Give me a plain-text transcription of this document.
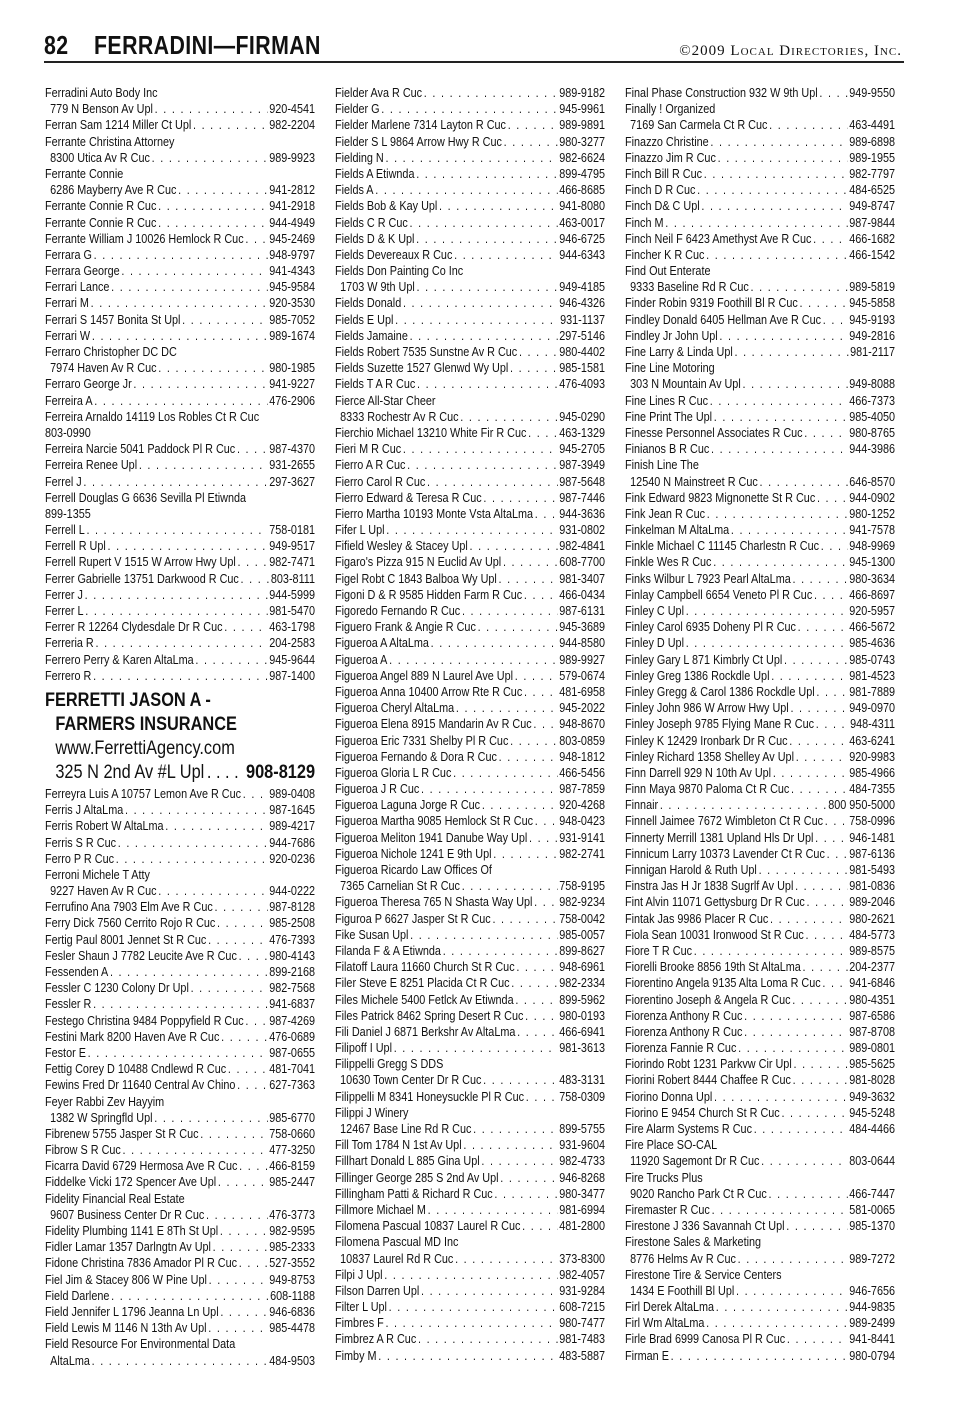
82 FERRADINI—FIRMAN	©2009 Local Directories, Inc.
Ferradini Auto Body Inc
779 N Benson Av Upl . . .	920-4541
Ferran Sam 1214 Miller Ct Upl . . .	982-2204
Ferrante Christina Attorney
8300 Utica Av R Cuc . . .	989-9923
Ferrante Connie
6286 Mayberry Ave R Cuc . . .	941-2812
Ferrante Connie R Cuc . . .	941-2918
Ferrante Connie R Cuc . . .	944-4949
Ferrante William J 10026 Hemlock R Cuc . . . 945-2469
Ferrara G . . .	948-9797
Ferrara George . . .	941-4343
Ferrari Lance . . .	945-9584
Ferrari M . . .	920-3530
Ferrari S 1457 Bonita St Upl . . .	985-7052
Ferrari W . . .	989-1674
Ferraro Christopher DC DC
7974 Haven Av R Cuc . . .	980-1985
Ferraro George Jr . . .	941-9227
Ferreira A . . .	476-2906
Ferreira Arnaldo 14119 Los Robles Ct R Cuc
803-0990
Ferreira Narcie 5041 Paddock Pl R Cuc . . .	987-4370
Ferreira Renee Upl . . .	931-2655
Ferrel J . . .	297-3627
Ferrell Douglas G 6636 Sevilla Pl Etiwnda
899-1355
Ferrell L . . .	758-0181
Ferrell R Upl . . .	949-9517
Ferrell Rupert V 1515 W Arrow Hwy Upl . . .	982-7471
Ferrer Gabrielle 13751 Darkwood R Cuc . . .	803-8111
Ferrer J . . .	944-5999
Ferrer L . . .	981-5470
Ferrer R 12264 Clydesdale Dr R Cuc . . .	463-1798
Ferreria R . . .	204-2583
Ferrero Perry & Karen AltaLma . . .	945-9644
Ferrero R . . .	987-1400
FERRETTI JASON A -
FARMERS INSURANCE
www.FerrettiAgency.com
325 N 2nd Av #L Upl . . . 908-8129
Ferreyra Luis A 10757 Lemon Ave R Cuc . . . 989-0408
Ferris J AltaLma . . .	987-1645
Ferris Robert W AltaLma . . .	989-4217
Ferris S R Cuc . . .	944-7686
Ferro P R Cuc . . .	920-0236
Ferroni Michele T Atty
9227 Haven Av R Cuc . . .	944-0222
Ferrufino Ana 7903 Elm Ave R Cuc . . .	987-8128
Ferry Dick 7560 Cerrito Rojo R Cuc . . .	985-2508
Fertig Paul 8001 Jennet St R Cuc . . .	476-7393
Fesler Shaun J 7782 Leucite Ave R Cuc . . .	980-4143
Fessenden A . . .	899-2168
Fessler C 1230 Colony Dr Upl . . .	982-7568
Fessler R . . .	941-6837
Festego Christina 9484 Poppyfield R Cuc . . . 987-4269
Festini Mark 8200 Haven Ave R Cuc . . .	476-0689
Festor E . . .	987-0655
Fettig Corey D 10488 Cndlewd R Cuc . . .	481-7041
Fewins Fred Dr 11640 Central Av Chino . . .	627-7363
Feyer Rabbi Zev Hayyim
1382 W Springfld Upl . . .	985-6770
Fibrenew 5755 Jasper St R Cuc . . .	758-0660
Fibrow S R Cuc . . .	477-3250
Ficarra David 6729 Hermosa Ave R Cuc . . .	466-8159
Fiddelke Vicki 172 Spencer Ave Upl . . .	985-2447
Fidelity Financial Real Estate
9607 Business Center Dr R Cuc . . .	476-3773
Fidelity Plumbing 1141 E 8Th St Upl . . .	982-9595
Fidler Lamar 1357 Darlngtn Av Upl . . .	985-2333
Fidone Christina 7836 Amador Pl R Cuc . . .	527-3552
Fiel Jim & Stacey 806 W Pine Upl . . .	949-8753
Field Darlene . . .	608-1188
Field Jennifer L 1796 Jeanna Ln Upl . . .	946-6836
Field Lewis M 1146 N 13th Av Upl . . .	985-4478
Field Resource For Environmental Data
AltaLma . . .	484-9503
Fielder Ava R Cuc . . .	989-9182
Fielder G . . .	945-9961
Fielder Marlene 7314 Layton R Cuc . . .	989-9891
Fielder S L 9864 Arrow Hwy R Cuc . . .	980-3277
Fielding N . . .	982-6624
Fields A Etiwnda . . .	899-4795
Fields A . . .	466-8685
Fields Bob & Kay Upl . . .	941-8080
Fields C R Cuc . . .	463-0017
Fields D & K Upl . . .	946-6725
Fields Devereaux R Cuc . . .	944-6343
Fields Don Painting Co Inc
1703 W 9th Upl . . .	949-4185
Fields Donald . . .	946-4326
Fields E Upl . . .	931-1137
Fields Jamaine . . .	297-5146
Fields Robert 7535 Sunstne Av R Cuc . . .	980-4402
Fields Suzette 1527 Glenwd Wy Upl . . .	985-1581
Fields T A R Cuc . . .	476-4093
Fierce All-Star Cheer
8333 Rochestr Av R Cuc . . .	945-0290
Fierchio Michael 13210 White Fir R Cuc . . .	463-1329
Fieri M R Cuc . . .	945-2705
Fierro A R Cuc . . .	987-3949
Fierro Carol R Cuc . . .	987-5648
Fierro Edward & Teresa R Cuc . . .	987-7446
Fierro Martha 10193 Monte Vsta AltaLma . . . 944-3636
Fifer L Upl . . .	931-0802
Fifield Wesley & Stacey Upl . . .	982-4841
Figaro's Pizza 915 N Euclid Av Upl . . .	608-7700
Figel Robt C 1843 Balboa Wy Upl . . .	981-3407
Figoni D & R 9585 Hidden Farm R Cuc . . .	466-0434
Figoredo Fernando R Cuc . . .	987-6131
Figuero Frank & Angie R Cuc . . .	945-3689
Figueroa A AltaLma . . .	944-8580
Figueroa A . . .	989-9927
Figueroa Angel 889 N Laurel Ave Upl . . .	579-0674
Figueroa Anna 10400 Arrow Rte R Cuc . . .	481-6958
Figueroa Cheryl AltaLma . . .	945-2022
Figueroa Elena 8915 Mandarin Av R Cuc . . . 948-8670
Figueroa Eric 7331 Shelby Pl R Cuc . . .	803-0859
Figueroa Fernando & Dora R Cuc . . .	948-1812
Figueroa Gloria L R Cuc . . .	466-5456
Figueroa J R Cuc . . .	987-7859
Figueroa Laguna Jorge R Cuc . . .	920-4268
Figueroa Martha 9085 Hemlock St R Cuc . . . 948-0423
Figueroa Meliton 1941 Danube Way Upl . . .	931-9141
Figueroa Nichole 1241 E 9th Upl . . .	982-2741
Figueroa Ricardo Law Offices Of
7365 Carnelian St R Cuc . . .	758-9195
Figueroa Theresa 765 N Shasta Way Upl . . . 982-9234
Figuroa P 6627 Jasper St R Cuc . . .	758-0042
Fike Susan Upl . . .	985-0057
Filanda F & A Etiwnda . . .	899-8627
Filatoff Laura 11660 Church St R Cuc . . .	948-6961
Filer Steve E 8251 Placida Ct R Cuc . . .	982-2334
Files Michele 5400 Fetlck Av Etiwnda . . .	899-5962
Files Patrick 8462 Spring Desert R Cuc . . .	980-0193
Fili Daniel J 6871 Berkshr Av AltaLma . . .	466-6941
Filipoff I Upl . . .	981-3613
Filippelli Gregg S DDS
10630 Town Center Dr R Cuc . . .	483-3131
Filippelli M 8341 Honeysuckle Pl R Cuc . . .	758-0309
Filippi J Winery
12467 Base Line Rd R Cuc . . .	899-5755
Fill Tom 1784 N 1st Av Upl . . .	931-9604
Fillhart Donald L 885 Gina Upl . . .	982-4733
Fillinger George 285 S 2nd Av Upl . . .	946-8268
Fillingham Patti & Richard R Cuc . . .	980-3477
Fillmore Michael M . . .	981-6994
Filomena Pascual 10837 Laurel R Cuc . . .	481-2800
Filomena Pascual MD Inc
10837 Laurel Rd R Cuc . . .	373-8300
Filpi J Upl . . .	982-4057
Filson Darren Upl . . .	931-9284
Filter L Upl . . .	608-7215
Fimbres F . . .	980-7477
Fimbrez A R Cuc . . .	981-7483
Fimby M . . .	483-5887
Final Phase Construction 932 W 9th Upl . . .	949-9550
Finally ! Organized
7169 San Carmela Ct R Cuc . . .	463-4491
Finazzo Christine . . .	989-6898
Finazzo Jim R Cuc . . .	989-1955
Finch Bill R Cuc . . .	982-7797
Finch D R Cuc . . .	484-6525
Finch D& C Upl . . .	949-8747
Finch M . . .	987-9844
Finch Neil F 6423 Amethyst Ave R Cuc . . .	466-1682
Fincher K R Cuc . . .	466-1542
Find Out Enterate
9333 Baseline Rd R Cuc . . .	989-5819
Finder Robin 9319 Foothill Bl R Cuc . . .	945-5858
Findley Donald 6405 Hellman Ave R Cuc . . . 945-9193
Findley Jr John Upl . . .	949-2816
Fine Larry & Linda Upl . . .	981-2117
Fine Line Motoring
303 N Mountain Av Upl . . .	949-8088
Fine Lines R Cuc . . .	466-7373
Fine Print The Upl . . .	985-4050
Finesse Personnel Associates R Cuc . . .	980-8765
Finianos B R Cuc . . .	944-3986
Finish Line The
12540 N Mainstreet R Cuc . . .	646-8570
Fink Edward 9823 Mignonette St R Cuc . . .	944-0902
Fink Jean R Cuc . . .	980-1252
Finkelman M AltaLma . . .	941-7578
Finkle Michael C 11145 Charlestn R Cuc . . . 948-9969
Finkle Wes R Cuc . . .	945-1300
Finks Wilbur L 7923 Pearl AltaLma . . .	980-3634
Finlay Campbell 6654 Veneto Pl R Cuc . . .	466-8697
Finley C Upl . . .	920-5957
Finley Carol 6935 Doheny Pl R Cuc . . .	466-5672
Finley D Upl . . .	985-4636
Finley Gary L 871 Kimbrly Ct Upl . . .	985-0743
Finley Greg 1386 Rockdle Upl . . .	981-4523
Finley Gregg & Carol 1386 Rockdle Upl . . .	981-7889
Finley John 986 W Arrow Hwy Upl . . .	949-0970
Finley Joseph 9785 Flying Mane R Cuc . . .	948-4311
Finley K 12429 Ironbark Dr R Cuc . . .	463-6241
Finley Richard 1358 Shelley Av Upl . . .	920-9983
Finn Darrell 929 N 10th Av Upl . . .	985-4966
Finn Maya 9870 Paloma Ct R Cuc . . .	484-7355
Finnair . . .	800 950-5000
Finnell Jaimee 7672 Wimbleton Ct R Cuc . . . 758-0996
Finnerty Merrill 1381 Upland Hls Dr Upl . . .	946-1481
Finnicum Larry 10373 Lavender Ct R Cuc . . . 987-6136
Finnigan Harold & Ruth Upl . . .	981-5493
Finstra Jas H Jr 1838 Sugrlf Av Upl . . .	981-0836
Fint Alvin 11071 Gettysburg Dr R Cuc . . .	989-2046
Fintak Jas 9986 Placer R Cuc . . .	980-2621
Fiola Sean 10031 Ironwood St R Cuc . . .	484-5773
Fiore T R Cuc . . .	989-8575
Fiorelli Brooke 8856 19th St AltaLma . . .	204-2377
Fiorentino Angela 9135 Alta Loma R Cuc . . . 941-6846
Fiorentino Joseph & Angela R Cuc . . .	980-4351
Fiorenza Anthony R Cuc . . .	987-6586
Fiorenza Anthony R Cuc . . .	987-8708
Fiorenza Fannie R Cuc . . .	989-0801
Fiorindo Robt 1231 Parkvw Cir Upl . . .	985-5625
Fiorini Robert 8444 Chaffee R Cuc . . .	981-8028
Fiorino Donna Upl . . .	949-3632
Fiorino E 9454 Church St R Cuc . . .	945-5248
Fire Alarm Systems R Cuc . . .	484-4466
Fire Place SO-CAL
11920 Sagemont Dr R Cuc . . .	803-0644
Fire Trucks Plus
9020 Rancho Park Ct R Cuc . . .	466-7447
Firemaster R Cuc . . .	581-0065
Firestone J 336 Savannah Ct Upl . . .	985-1370
Firestone Sales & Marketing
8776 Helms Av R Cuc . . .	989-7272
Firestone Tire & Service Centers
1434 E Foothill Bl Upl . . .	946-7656
Firl Derek AltaLma . . .	944-9835
Firl Wm AltaLma . . .	989-2499
Firle Brad 6999 Canosa Pl R Cuc . . .	941-8441
Firman E . . .	980-0794
